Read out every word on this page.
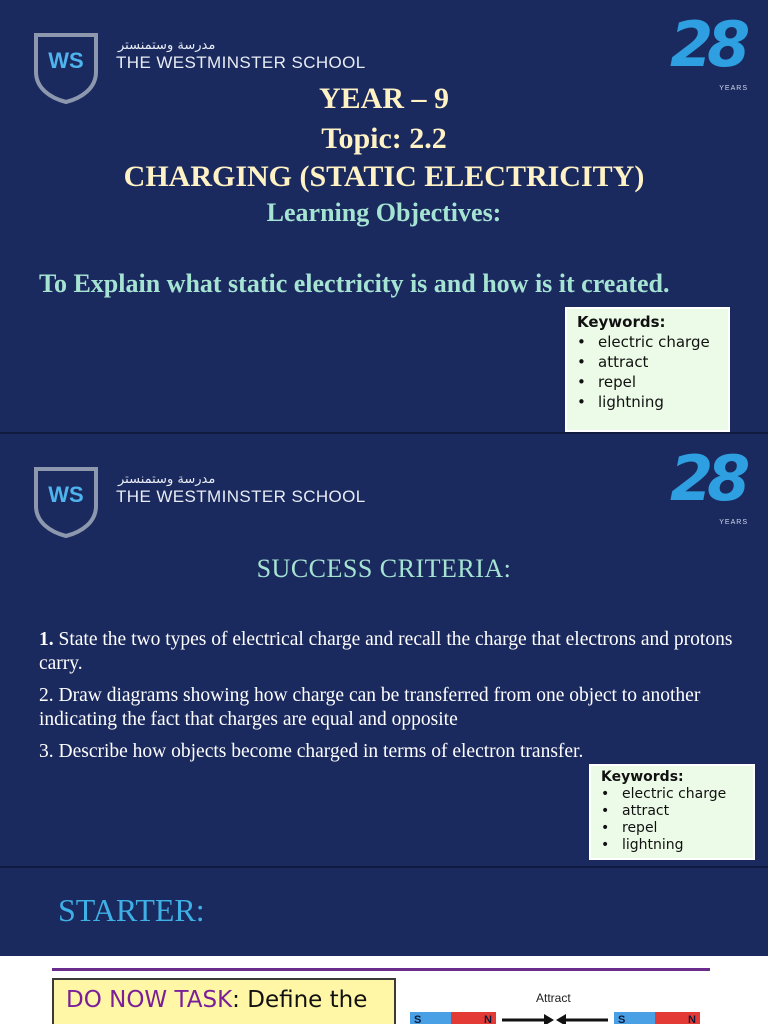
WS
مدرسة وستمنستر
THE WESTMINSTER SCHOOL	28
YEARS
YEAR – 9
Topic: 2.2
CHARGING (STATIC ELECTRICITY)
Learning Objectives:
To Explain what static electricity is and how is it created.
Keywords:
• electric charge
• attract
• repel
• lightning
WS
مدرسة وستمنستر
THE WESTMINSTER SCHOOL	28
YEARS
SUCCESS CRITERIA:

1. State the two types of electrical charge and recall the charge that electrons and protons carry.

2. Draw diagrams showing how charge can be transferred from one object to another indicating the fact that charges are equal and opposite

3. Describe how objects become charged in terms of electron transfer.

Keywords:
• electric charge
• attract
• repel
• lightning
STARTER:
DO NOW TASK: Define the	Attract
S	N	S	N
